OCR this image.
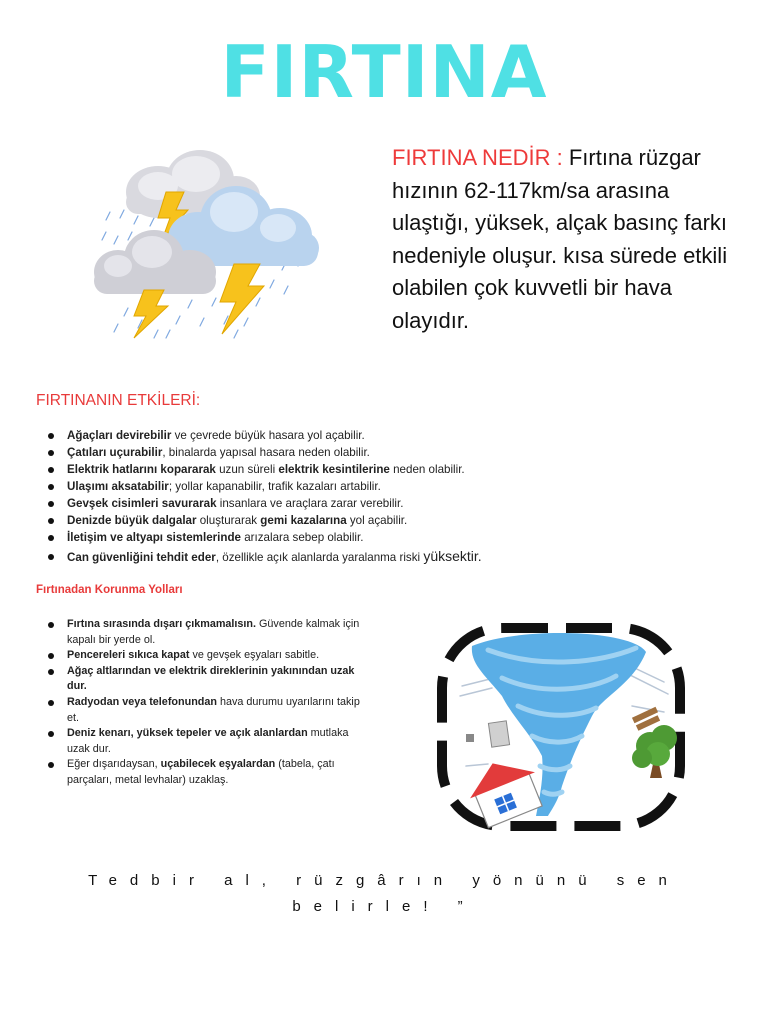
FIRTINA
FIRTINA NEDİR : Fırtına rüzgar hızının 62-117km/sa arasına ulaştığı, yüksek, alçak basınç farkı nedeniyle oluşur. kısa sürede etkili olabilen çok kuvvetli bir hava olayıdır.
FIRTINANIN ETKİLERİ:
Ağaçları devirebilir ve çevrede büyük hasara yol açabilir.
Çatıları uçurabilir, binalarda yapısal hasara neden olabilir.
Elektrik hatlarını kopararak uzun süreli elektrik kesintilerine neden olabilir.
Ulaşımı aksatabilir; yollar kapanabilir, trafik kazaları artabilir.
Gevşek cisimleri savurarak insanlara ve araçlara zarar verebilir.
Denizde büyük dalgalar oluşturarak gemi kazalarına yol açabilir.
İletişim ve altyapı sistemlerinde arızalara sebep olabilir.
Can güvenliğini tehdit eder, özellikle açık alanlarda yaralanma riski yüksektir.
Fırtınadan Korunma Yolları
Fırtına sırasında dışarı çıkmamalısın. Güvende kalmak için kapalı bir yerde ol.
Pencereleri sıkıca kapat ve gevşek eşyaları sabitle.
Ağaç altlarından ve elektrik direklerinin yakınından uzak dur.
Radyodan veya telefonundan hava durumu uyarılarını takip et.
Deniz kenarı, yüksek tepeler ve açık alanlardan mutlaka uzak dur.
Eğer dışarıdaysan, uçabilecek eşyalardan (tabela, çatı parçaları, metal levhalar) uzaklaş.
Tedbir al, rüzgârın yönünü sen belirle! ”
